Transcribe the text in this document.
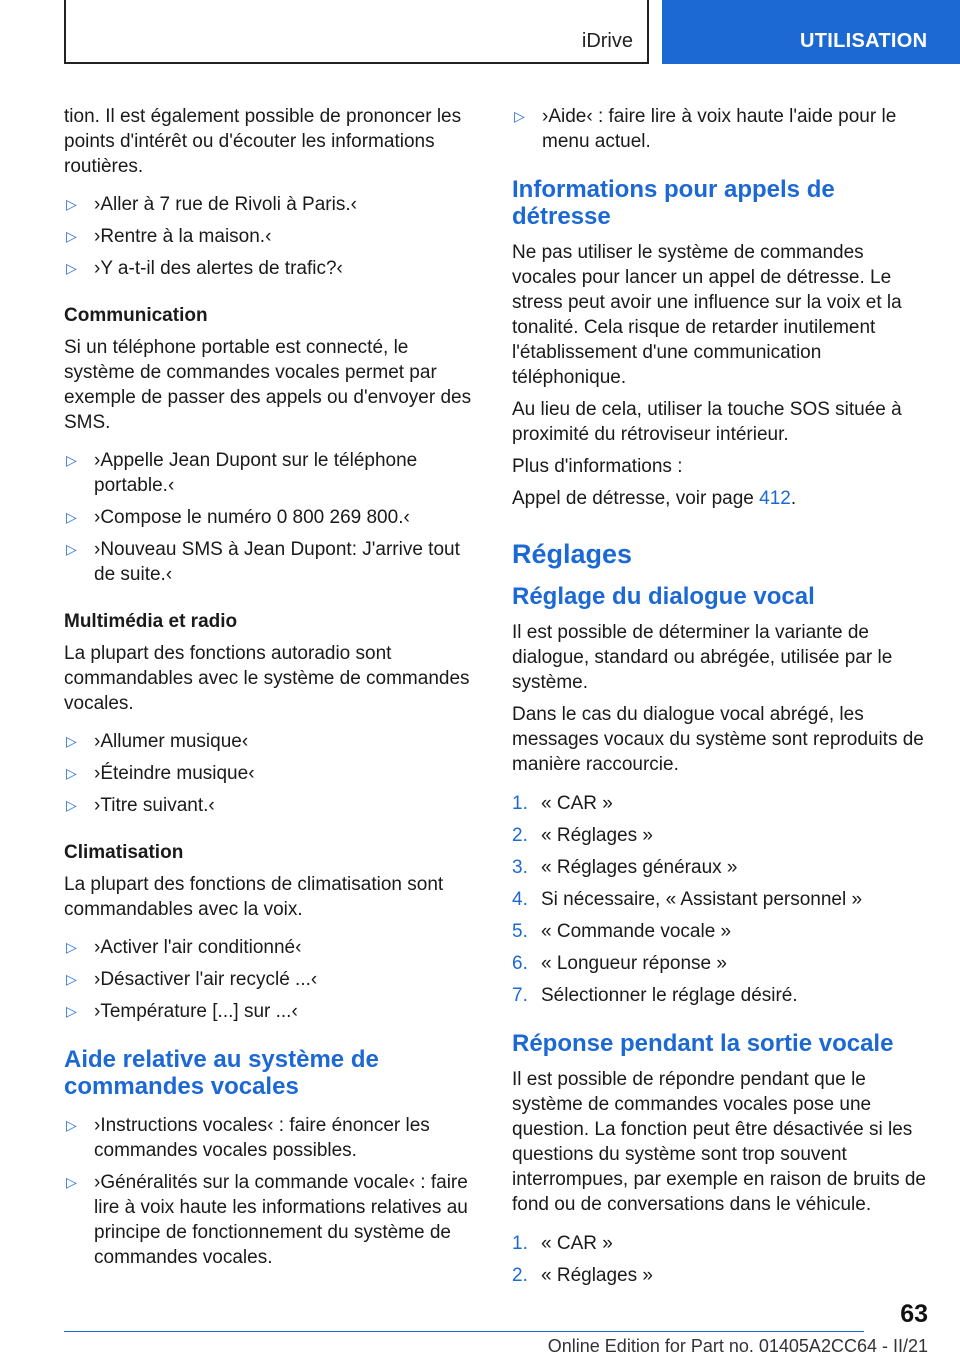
iDrive	UTILISATION

tion. Il est également possible de prononcer les points d'intérêt ou d'écouter les informations routières.

▷ ›Aller à 7 rue de Rivoli à Paris.‹
▷ ›Rentre à la maison.‹
▷ ›Y a-t-il des alertes de trafic?‹
Communication

Si un téléphone portable est connecté, le système de commandes vocales permet par exemple de passer des appels ou d'envoyer des SMS.

▷ ›Appelle Jean Dupont sur le téléphone portable.‹
▷ ›Compose le numéro 0 800 269 800.‹
▷ ›Nouveau SMS à Jean Dupont: J'arrive tout de suite.‹
Multimédia et radio

La plupart des fonctions autoradio sont commandables avec le système de commandes vocales.

▷ ›Allumer musique‹
▷ ›Éteindre musique‹
▷ ›Titre suivant.‹
Climatisation

La plupart des fonctions de climatisation sont commandables avec la voix.

▷ ›Activer l'air conditionné‹
▷ ›Désactiver l'air recyclé ...‹
▷ ›Température [...] sur ...‹
Aide relative au système de commandes vocales
▷ ›Instructions vocales‹ : faire énoncer les commandes vocales possibles.
▷ ›Généralités sur la commande vocale‹ : faire lire à voix haute les informations relatives au principe de fonctionnement du système de commandes vocales.
▷ ›Aide‹ : faire lire à voix haute l'aide pour le menu actuel.
Informations pour appels de détresse

Ne pas utiliser le système de commandes vocales pour lancer un appel de détresse. Le stress peut avoir une influence sur la voix et la tonalité. Cela risque de retarder inutilement l'établissement d'une communication téléphonique.

Au lieu de cela, utiliser la touche SOS située à proximité du rétroviseur intérieur.

Plus d'informations :

Appel de détresse, voir page 412.

Réglages
Réglage du dialogue vocal

Il est possible de déterminer la variante de dialogue, standard ou abrégée, utilisée par le système.

Dans le cas du dialogue vocal abrégé, les messages vocaux du système sont reproduits de manière raccourcie.

1. « CAR »
2. « Réglages »
3. « Réglages généraux »
4. Si nécessaire, « Assistant personnel »
5. « Commande vocale »
6. « Longueur réponse »
7. Sélectionner le réglage désiré.
Réponse pendant la sortie vocale

Il est possible de répondre pendant que le système de commandes vocales pose une question. La fonction peut être désactivée si les questions du système sont trop souvent interrompues, par exemple en raison de bruits de fond ou de conversations dans le véhicule.

1. « CAR »
2. « Réglages »
63
Online Edition for Part no. 01405A2CC64 - II/21
